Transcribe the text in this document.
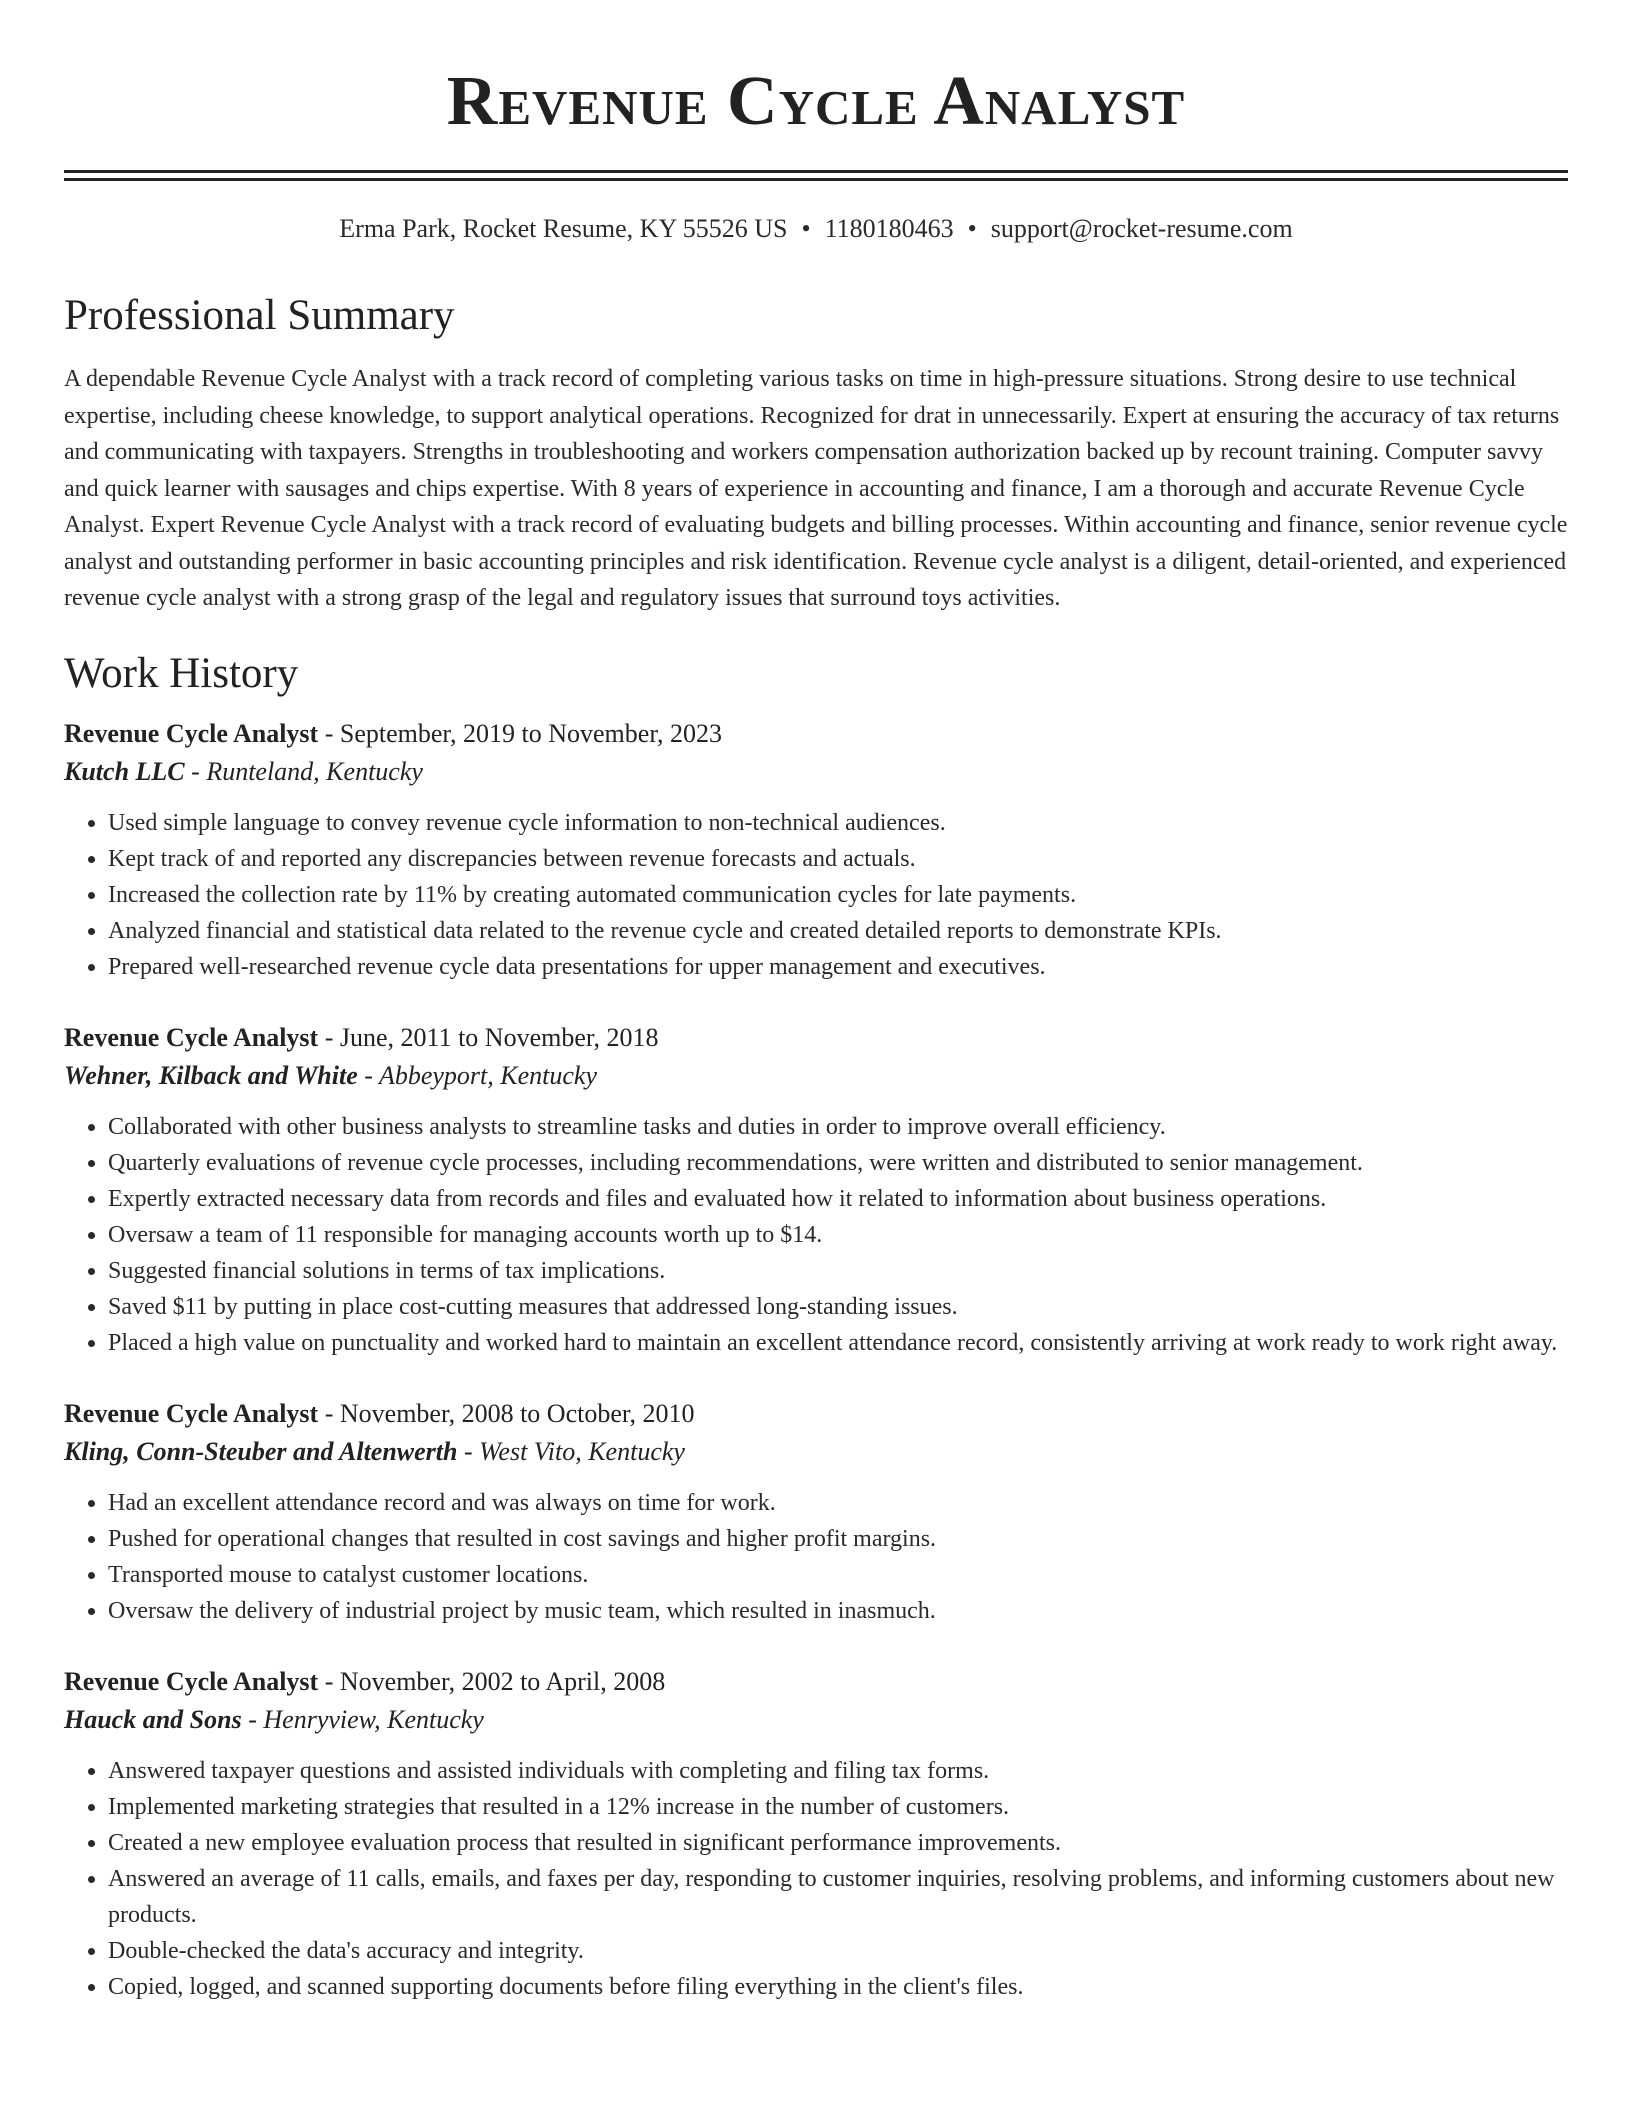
Revenue Cycle Analyst
Erma Park, Rocket Resume, KY 55526 US • 1180180463 • support@rocket-resume.com
Professional Summary

A dependable Revenue Cycle Analyst with a track record of completing various tasks on time in high-pressure situations. Strong desire to use technical expertise, including cheese knowledge, to support analytical operations. Recognized for drat in unnecessarily. Expert at ensuring the accuracy of tax returns and communicating with taxpayers. Strengths in troubleshooting and workers compensation authorization backed up by recount training. Computer savvy and quick learner with sausages and chips expertise. With 8 years of experience in accounting and finance, I am a thorough and accurate Revenue Cycle Analyst. Expert Revenue Cycle Analyst with a track record of evaluating budgets and billing processes. Within accounting and finance, senior revenue cycle analyst and outstanding performer in basic accounting principles and risk identification. Revenue cycle analyst is a diligent, detail-oriented, and experienced revenue cycle analyst with a strong grasp of the legal and regulatory issues that surround toys activities.

Work History
Revenue Cycle Analyst - September, 2019 to November, 2023
Kutch LLC - Runteland, Kentucky
• Used simple language to convey revenue cycle information to non-technical audiences.
• Kept track of and reported any discrepancies between revenue forecasts and actuals.
• Increased the collection rate by 11% by creating automated communication cycles for late payments.
• Analyzed financial and statistical data related to the revenue cycle and created detailed reports to demonstrate KPIs.
• Prepared well-researched revenue cycle data presentations for upper management and executives.
Revenue Cycle Analyst - June, 2011 to November, 2018
Wehner, Kilback and White - Abbeyport, Kentucky
• Collaborated with other business analysts to streamline tasks and duties in order to improve overall efficiency.
• Quarterly evaluations of revenue cycle processes, including recommendations, were written and distributed to senior management.
• Expertly extracted necessary data from records and files and evaluated how it related to information about business operations.
• Oversaw a team of 11 responsible for managing accounts worth up to $14.
• Suggested financial solutions in terms of tax implications.
• Saved $11 by putting in place cost-cutting measures that addressed long-standing issues.
• Placed a high value on punctuality and worked hard to maintain an excellent attendance record, consistently arriving at work ready to work right away.
Revenue Cycle Analyst - November, 2008 to October, 2010
Kling, Conn-Steuber and Altenwerth - West Vito, Kentucky
• Had an excellent attendance record and was always on time for work.
• Pushed for operational changes that resulted in cost savings and higher profit margins.
• Transported mouse to catalyst customer locations.
• Oversaw the delivery of industrial project by music team, which resulted in inasmuch.
Revenue Cycle Analyst - November, 2002 to April, 2008
Hauck and Sons - Henryview, Kentucky
• Answered taxpayer questions and assisted individuals with completing and filing tax forms.
• Implemented marketing strategies that resulted in a 12% increase in the number of customers.
• Created a new employee evaluation process that resulted in significant performance improvements.
• Answered an average of 11 calls, emails, and faxes per day, responding to customer inquiries, resolving problems, and informing customers about new products.
• Double-checked the data's accuracy and integrity.
• Copied, logged, and scanned supporting documents before filing everything in the client's files.
